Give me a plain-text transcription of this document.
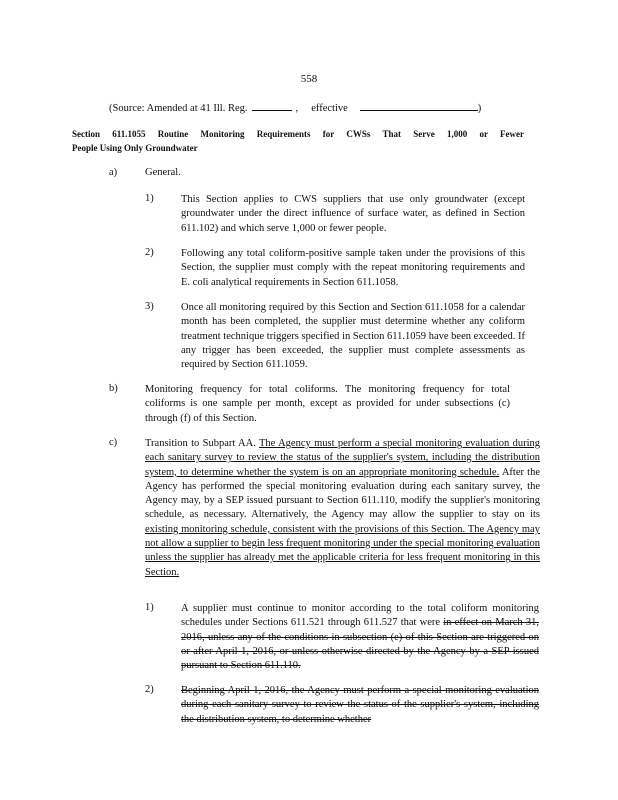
558
(Source: Amended at 41 Ill. Reg.	,     effective	)
Section 611.1055 Routine Monitoring Requirements for CWSs That Serve 1,000 or Fewer
People Using Only Groundwater
a)	General.
1)	This Section applies to CWS suppliers that use only groundwater (except groundwater under the direct influence of surface water, as defined in Section 611.102) and which serve 1,000 or fewer people.
2)	Following any total coliform-positive sample taken under the provisions of this Section, the supplier must comply with the repeat monitoring requirements and E. coli analytical requirements in Section 611.1058.
3)	Once all monitoring required by this Section and Section 611.1058 for a calendar month has been completed, the supplier must determine whether any coliform treatment technique triggers specified in Section 611.1059 have been exceeded. If any trigger has been exceeded, the supplier must complete assessments as required by Section 611.1059.
b)	Monitoring frequency for total coliforms. The monitoring frequency for total coliforms is one sample per month, except as provided for under subsections (c) through (f) of this Section.
c)	Transition to Subpart AA. The Agency must perform a special monitoring evaluation during each sanitary survey to review the status of the supplier's system, including the distribution system, to determine whether the system is on an appropriate monitoring schedule. After the Agency has performed the special monitoring evaluation during each sanitary survey, the Agency may, by a SEP issued pursuant to Section 611.110, modify the supplier's monitoring schedule, as necessary. Alternatively, the Agency may allow the supplier to stay on its existing monitoring schedule, consistent with the provisions of this Section. The Agency may not allow a supplier to begin less frequent monitoring under the special monitoring evaluation unless the supplier has already met the applicable criteria for less frequent monitoring in this Section.
1)	A supplier must continue to monitor according to the total coliform monitoring schedules under Sections 611.521 through 611.527 that were in effect on March 31, 2016, unless any of the conditions in subsection (e) of this Section are triggered on or after April 1, 2016, or unless otherwise directed by the Agency by a SEP issued pursuant to Section 611.110.
2)	Beginning April 1, 2016, the Agency must perform a special monitoring evaluation during each sanitary survey to review the status of the supplier's system, including the distribution system, to determine whether
